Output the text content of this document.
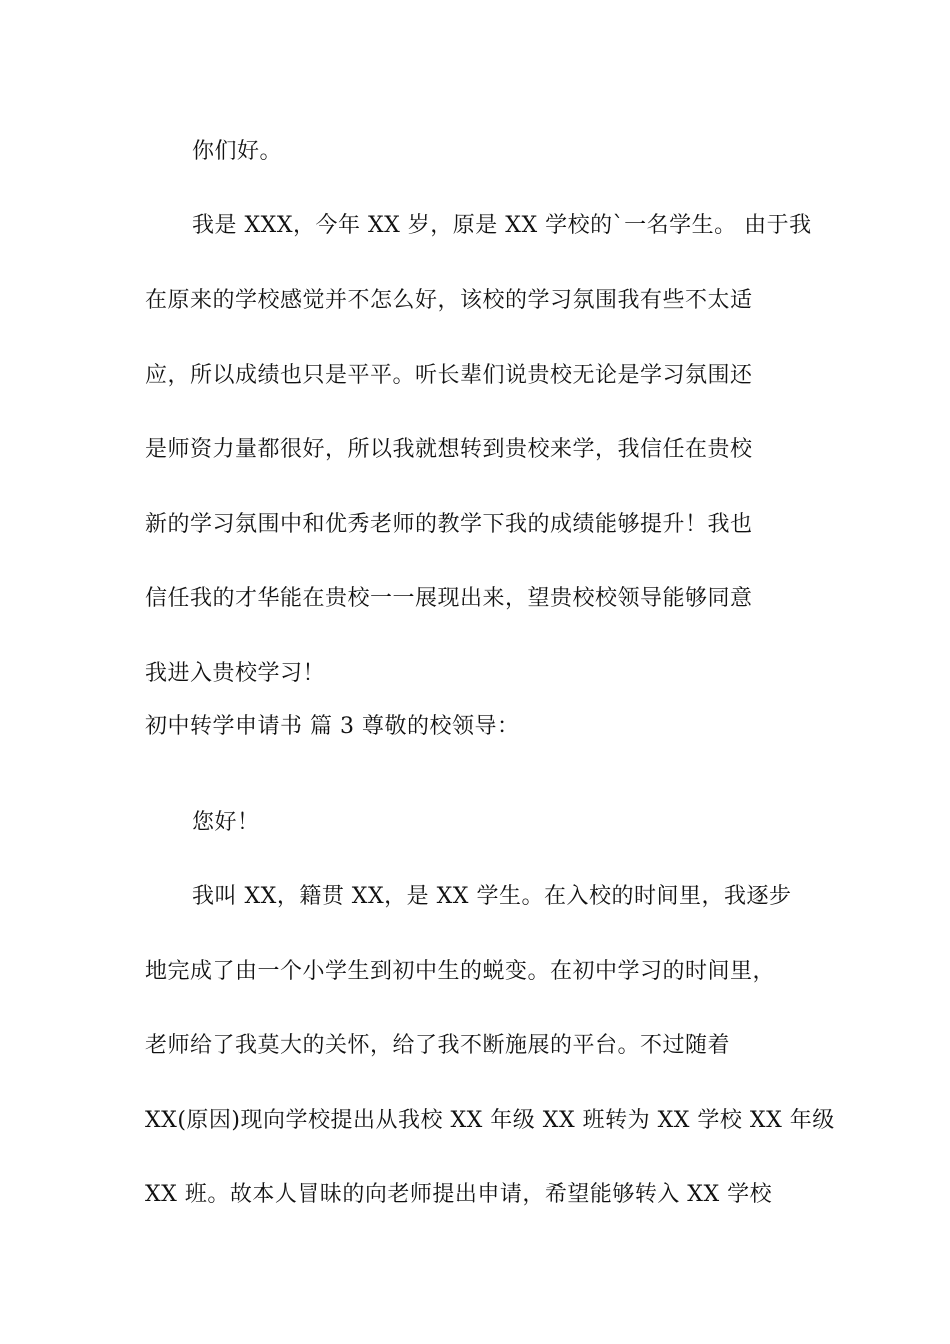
你们好。
我是 XXX，今年 XX 岁，原是 XX 学校的`一名学生。 由于我
在原来的学校感觉并不怎么好，该校的学习氛围我有些不太适
应，所以成绩也只是平平。听长辈们说贵校无论是学习氛围还
是师资力量都很好，所以我就想转到贵校来学，我信任在贵校
新的学习氛围中和优秀老师的教学下我的成绩能够提升！我也
信任我的才华能在贵校一一展现出来，望贵校校领导能够同意
我进入贵校学习！
初中转学申请书 篇 3 尊敬的校领导：
您好！
我叫 XX，籍贯 XX，是 XX 学生。在入校的时间里，我逐步
地完成了由一个小学生到初中生的蜕变。在初中学习的时间里，
老师给了我莫大的关怀，给了我不断施展的平台。不过随着
XX(原因)现向学校提出从我校 XX 年级 XX 班转为 XX 学校 XX 年级
XX 班。故本人冒昧的向老师提出申请，希望能够转入 XX 学校
